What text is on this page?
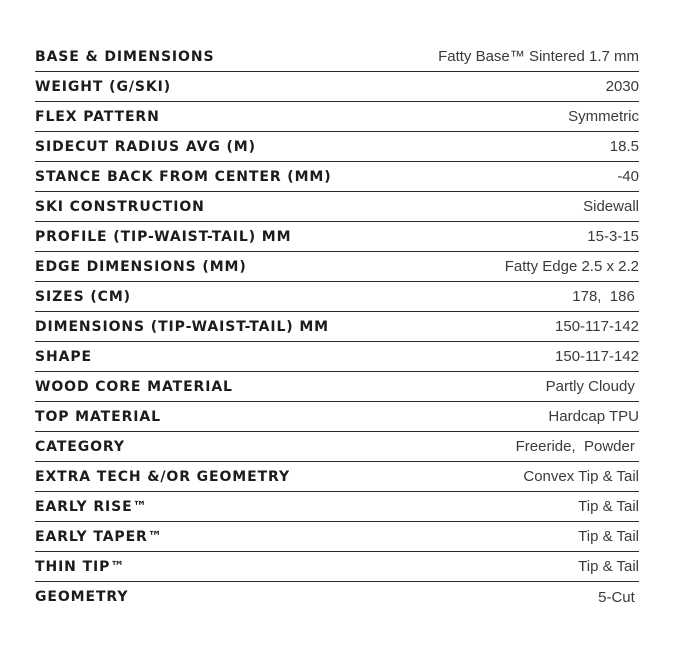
BASE & DIMENSIONS	Fatty Base™ Sintered 1.7 mm
WEIGHT (G/SKI)	2030
FLEX PATTERN	Symmetric
SIDECUT RADIUS AVG (M)	18.5
STANCE BACK FROM CENTER (MM)	-40
SKI CONSTRUCTION	Sidewall
PROFILE (TIP-WAIST-TAIL) MM	15-3-15
EDGE DIMENSIONS (MM)	Fatty Edge 2.5 x 2.2
SIZES (CM)	178,  186
DIMENSIONS (TIP-WAIST-TAIL) MM	150-117-142
SHAPE	150-117-142
WOOD CORE MATERIAL	Partly Cloudy
TOP MATERIAL	Hardcap TPU
CATEGORY	Freeride,  Powder
EXTRA TECH &/OR GEOMETRY	Convex Tip & Tail
EARLY RISE™	Tip & Tail
EARLY TAPER™	Tip & Tail
THIN TIP™	Tip & Tail
GEOMETRY	5-Cut
